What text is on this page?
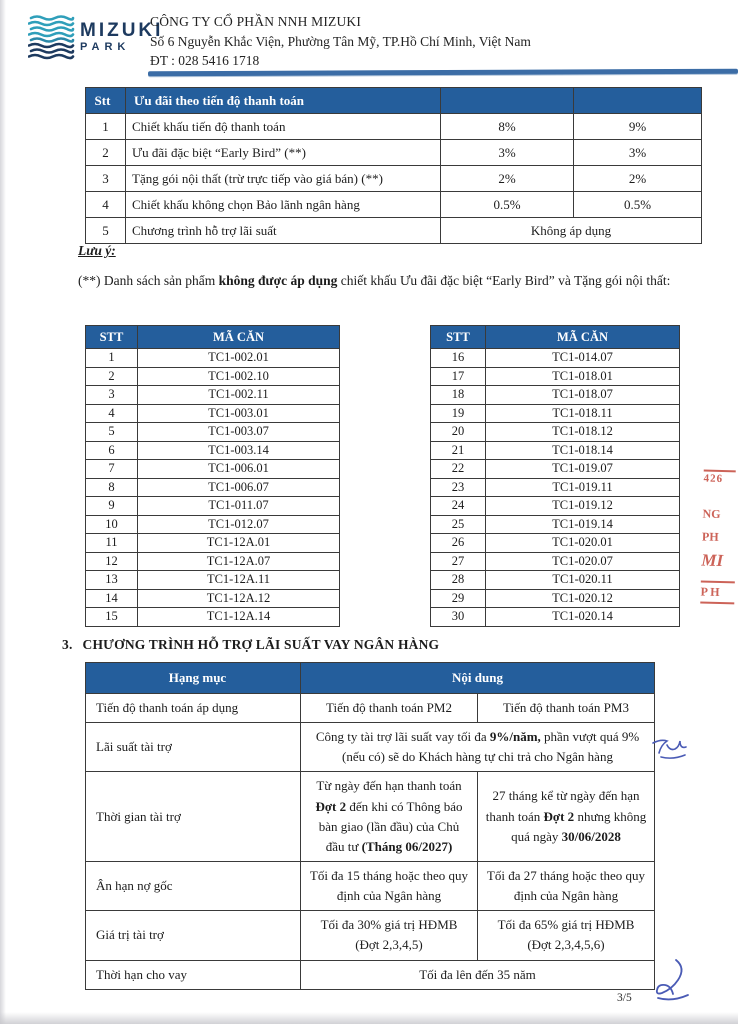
MIZUKI
PARK
CÔNG TY CỔ PHẦN NNH MIZUKI
Số 6 Nguyễn Khắc Viện, Phường Tân Mỹ, TP.Hồ Chí Minh, Việt Nam
ĐT : 028 5416 1718
Stt	Ưu đãi theo tiến độ thanh toán		
1	Chiết khấu tiến độ thanh toán	8%	9%
2	Ưu đãi đặc biệt “Early Bird” (**)	3%	3%
3	Tặng gói nội thất (trừ trực tiếp vào giá bán) (**)	2%	2%
4	Chiết khấu không chọn Bảo lãnh ngân hàng	0.5%	0.5%
5	Chương trình hỗ trợ lãi suất	Không áp dụng	
Lưu ý:
(**) Danh sách sản phẩm không được áp dụng chiết khấu Ưu đãi đặc biệt “Early Bird” và Tặng gói nội thất:
STT	MÃ CĂN
1	TC1-002.01
2	TC1-002.10
3	TC1-002.11
4	TC1-003.01
5	TC1-003.07
6	TC1-003.14
7	TC1-006.01
8	TC1-006.07
9	TC1-011.07
10	TC1-012.07
11	TC1-12A.01
12	TC1-12A.07
13	TC1-12A.11
14	TC1-12A.12
15	TC1-12A.14
STT	MÃ CĂN
16	TC1-014.07
17	TC1-018.01
18	TC1-018.07
19	TC1-018.11
20	TC1-018.12
21	TC1-018.14
22	TC1-019.07
23	TC1-019.11
24	TC1-019.12
25	TC1-019.14
26	TC1-020.01
27	TC1-020.07
28	TC1-020.11
29	TC1-020.12
30	TC1-020.14
3. CHƯƠNG TRÌNH HỖ TRỢ LÃI SUẤT VAY NGÂN HÀNG
Hạng mục	Nội dung	
Tiến độ thanh toán áp dụng	Tiến độ thanh toán PM2	Tiến độ thanh toán PM3
Lãi suất tài trợ	Công ty tài trợ lãi suất vay tối đa 9%/năm, phần vượt quá 9% (nếu có) sẽ do Khách hàng tự chi trả cho Ngân hàng	
Thời gian tài trợ	Từ ngày đến hạn thanh toán Đợt 2 đến khi có Thông báo bàn giao (lần đầu) của Chủ đầu tư (Tháng 06/2027)	27 tháng kể từ ngày đến hạn thanh toán Đợt 2 nhưng không quá ngày 30/06/2028
Ân hạn nợ gốc	Tối đa 15 tháng hoặc theo quy định của Ngân hàng	Tối đa 27 tháng hoặc theo quy định của Ngân hàng
Giá trị tài trợ	Tối đa 30% giá trị HĐMB (Đợt 2,3,4,5)	Tối đa 65% giá trị HĐMB (Đợt 2,3,4,5,6)
Thời hạn cho vay	Tối đa lên đến 35 năm	
426
NG
PH
MI
P H
3/5
